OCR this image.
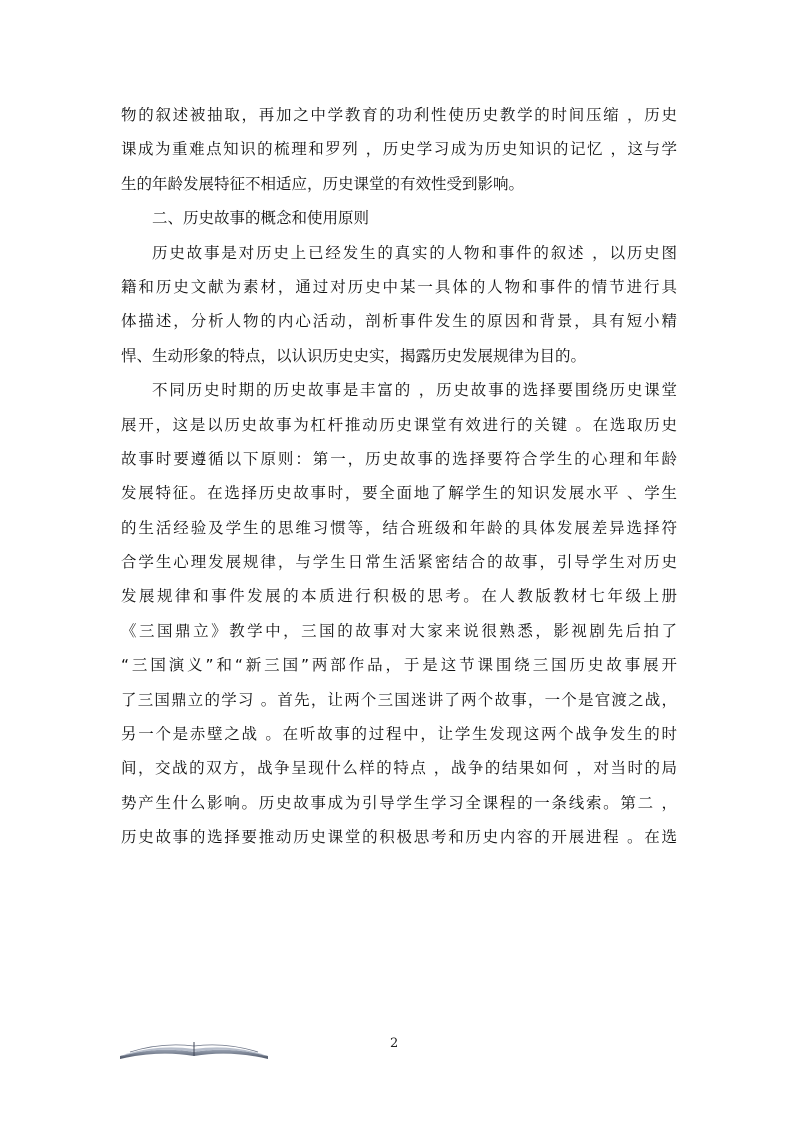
物的叙述被抽取，再加之中学教育的功利性使历史教学的时间压缩 ，历史
课成为重难点知识的梳理和罗列 ，历史学习成为历史知识的记忆 ，这与学
生的年龄发展特征不相适应，历史课堂的有效性受到影响。
二、历史故事的概念和使用原则
历史故事是对历史上已经发生的真实的人物和事件的叙述 ，以历史图
籍和历史文献为素材，通过对历史中某一具体的人物和事件的情节进行具
体描述，分析人物的内心活动，剖析事件发生的原因和背景，具有短小精
悍、生动形象的特点，以认识历史史实，揭露历史发展规律为目的。
不同历史时期的历史故事是丰富的 ，历史故事的选择要围绕历史课堂
展开，这是以历史故事为杠杆推动历史课堂有效进行的关键 。在选取历史
故事时要遵循以下原则：第一，历史故事的选择要符合学生的心理和年龄
发展特征。在选择历史故事时，要全面地了解学生的知识发展水平 、学生
的生活经验及学生的思维习惯等，结合班级和年龄的具体发展差异选择符
合学生心理发展规律，与学生日常生活紧密结合的故事，引导学生对历史
发展规律和事件发展的本质进行积极的思考。在人教版教材七年级上册
《三国鼎立》教学中，三国的故事对大家来说很熟悉，影视剧先后拍了
“三国演义”和“新三国”两部作品，于是这节课围绕三国历史故事展开
了三国鼎立的学习 。首先，让两个三国迷讲了两个故事，一个是官渡之战，
另一个是赤壁之战 。在听故事的过程中，让学生发现这两个战争发生的时
间，交战的双方，战争呈现什么样的特点 ，战争的结果如何 ，对当时的局
势产生什么影响。历史故事成为引导学生学习全课程的一条线索。第二 ，
历史故事的选择要推动历史课堂的积极思考和历史内容的开展进程 。在选
2
